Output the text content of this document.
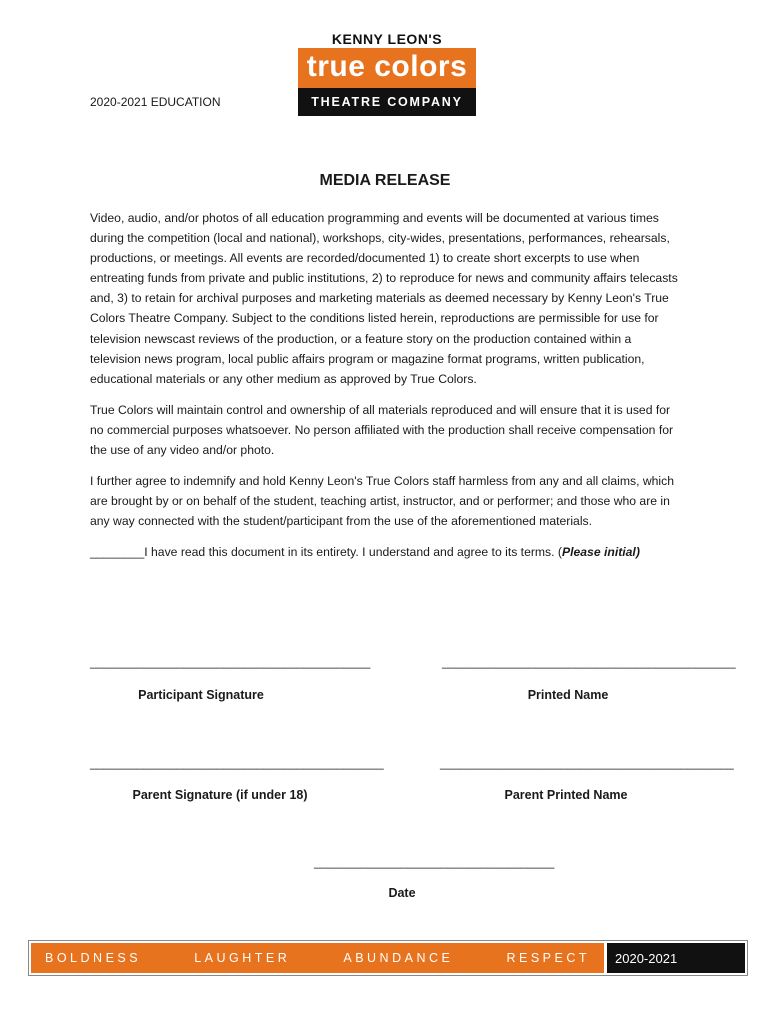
2020-2021 EDUCATION
KENNY LEON'S
true colors
THEATRE COMPANY
MEDIA RELEASE

Video, audio, and/or photos of all education programming and events will be documented at various times during the competition (local and national), workshops, city-wides, presentations, performances, rehearsals, productions, or meetings. All events are recorded/documented 1) to create short excerpts to use when entreating funds from private and public institutions, 2) to reproduce for news and community affairs telecasts and, 3) to retain for archival purposes and marketing materials as deemed necessary by Kenny Leon's True Colors Theatre Company. Subject to the conditions listed herein, reproductions are permissible for use for television newscast reviews of the production, or a feature story on the production contained within a television news program, local public affairs program or magazine format programs, written publication, educational materials or any other medium as approved by True Colors.

True Colors will maintain control and ownership of all materials reproduced and will ensure that it is used for no commercial purposes whatsoever. No person affiliated with the production shall receive compensation for the use of any video and/or photo.

I further agree to indemnify and hold Kenny Leon's True Colors staff harmless from any and all claims, which are brought by or on behalf of the student, teaching artist, instructor, and or performer; and those who are in any way connected with the student/participant from the use of the aforementioned materials.

________I have read this document in its entirety. I understand and agree to its terms. (Please initial)

__________________________________________
Participant Signature
____________________________________________
Printed Name
____________________________________________
Parent Signature (if under 18)
____________________________________________
Parent Printed Name
____________________________________
Date
BOLDNESS	LAUGHTER	ABUNDANCE	RESPECT	2020-2021
